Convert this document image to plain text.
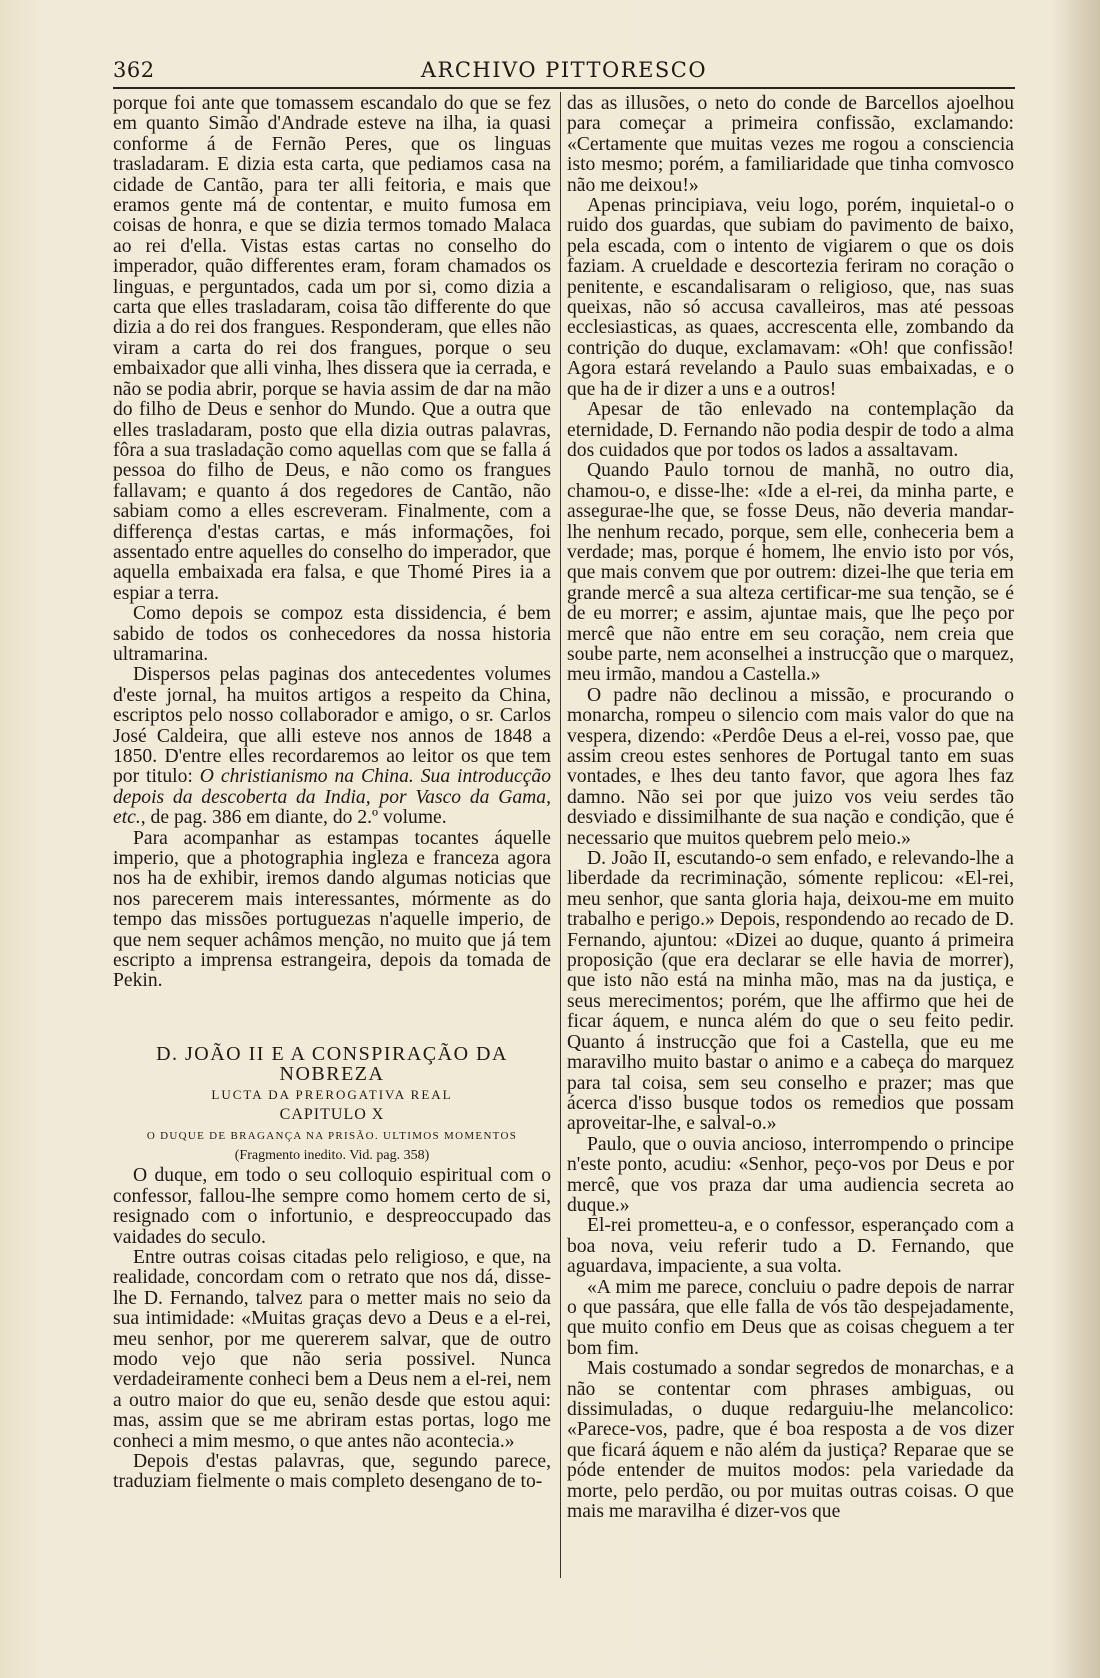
362	ARCHIVO PITTORESCO

porque foi ante que tomassem escandalo do que se fez em quanto Simão d'Andrade esteve na ilha, ia quasi conforme á de Fernão Peres, que os linguas trasladaram. E dizia esta carta, que pediamos casa na cidade de Cantão, para ter alli feitoria, e mais que eramos gente má de contentar, e muito fumosa em coisas de honra, e que se dizia termos tomado Malaca ao rei d'ella. Vistas estas cartas no conselho do imperador, quão differentes eram, foram chamados os linguas, e perguntados, cada um por si, como dizia a carta que elles trasladaram, coisa tão differente do que dizia a do rei dos frangues. Responderam, que elles não viram a carta do rei dos frangues, porque o seu embaixador que alli vinha, lhes dissera que ia cerrada, e não se podia abrir, porque se havia assim de dar na mão do filho de Deus e senhor do Mundo. Que a outra que elles trasladaram, posto que ella dizia outras palavras, fôra a sua trasladação como aquellas com que se falla á pessoa do filho de Deus, e não como os frangues fallavam; e quanto á dos regedores de Cantão, não sabiam como a elles escreveram. Finalmente, com a differença d'estas cartas, e más informações, foi assentado entre aquelles do conselho do imperador, que aquella embaixada era falsa, e que Thomé Pires ia a espiar a terra.

Como depois se compoz esta dissidencia, é bem sabido de todos os conhecedores da nossa historia ultramarina.

Dispersos pelas paginas dos antecedentes volumes d'este jornal, ha muitos artigos a respeito da China, escriptos pelo nosso collaborador e amigo, o sr. Carlos José Caldeira, que alli esteve nos annos de 1848 a 1850. D'entre elles recordaremos ao leitor os que tem por titulo: O christianismo na China. Sua introducção depois da descoberta da India, por Vasco da Gama, etc., de pag. 386 em diante, do 2.º volume.

Para acompanhar as estampas tocantes áquelle imperio, que a photographia ingleza e franceza agora nos ha de exhibir, iremos dando algumas noticias que nos parecerem mais interessantes, mórmente as do tempo das missões portuguezas n'aquelle imperio, de que nem sequer achâmos menção, no muito que já tem escripto a imprensa estrangeira, depois da tomada de Pekin.

D. JOÃO II E A CONSPIRAÇÃO DA NOBREZA

LUCTA DA PREROGATIVA REAL

CAPITULO X

O DUQUE DE BRAGANÇA NA PRISÃO. ULTIMOS MOMENTOS

(Fragmento inedito. Vid. pag. 358)

O duque, em todo o seu colloquio espiritual com o confessor, fallou-lhe sempre como homem certo de si, resignado com o infortunio, e despreoccupado das vaidades do seculo.

Entre outras coisas citadas pelo religioso, e que, na realidade, concordam com o retrato que nos dá, disse-lhe D. Fernando, talvez para o metter mais no seio da sua intimidade: «Muitas graças devo a Deus e a el-rei, meu senhor, por me quererem salvar, que de outro modo vejo que não seria possivel. Nunca verdadeiramente conheci bem a Deus nem a el-rei, nem a outro maior do que eu, senão desde que estou aqui: mas, assim que se me abriram estas portas, logo me conheci a mim mesmo, o que antes não acontecia.»

Depois d'estas palavras, que, segundo parece, traduziam fielmente o mais completo desengano de to-

das as illusões, o neto do conde de Barcellos ajoelhou para começar a primeira confissão, exclamando: «Certamente que muitas vezes me rogou a consciencia isto mesmo; porém, a familiaridade que tinha comvosco não me deixou!»

Apenas principiava, veiu logo, porém, inquietal-o o ruido dos guardas, que subiam do pavimento de baixo, pela escada, com o intento de vigiarem o que os dois faziam. A crueldade e descortezia feriram no coração o penitente, e escandalisaram o religioso, que, nas suas queixas, não só accusa cavalleiros, mas até pessoas ecclesiasticas, as quaes, accrescenta elle, zombando da contrição do duque, exclamavam: «Oh! que confissão! Agora estará revelando a Paulo suas embaixadas, e o que ha de ir dizer a uns e a outros!

Apesar de tão enlevado na contemplação da eternidade, D. Fernando não podia despir de todo a alma dos cuidados que por todos os lados a assaltavam.

Quando Paulo tornou de manhã, no outro dia, chamou-o, e disse-lhe: «Ide a el-rei, da minha parte, e assegurae-lhe que, se fosse Deus, não deveria mandar-lhe nenhum recado, porque, sem elle, conheceria bem a verdade; mas, porque é homem, lhe envio isto por vós, que mais convem que por outrem: dizei-lhe que teria em grande mercê a sua alteza certificar-me sua tenção, se é de eu morrer; e assim, ajuntae mais, que lhe peço por mercê que não entre em seu coração, nem creia que soube parte, nem aconselhei a instrucção que o marquez, meu irmão, mandou a Castella.»

O padre não declinou a missão, e procurando o monarcha, rompeu o silencio com mais valor do que na vespera, dizendo: «Perdôe Deus a el-rei, vosso pae, que assim creou estes senhores de Portugal tanto em suas vontades, e lhes deu tanto favor, que agora lhes faz damno. Não sei por que juizo vos veiu serdes tão desviado e dissimilhante de sua nação e condição, que é necessario que muitos quebrem pelo meio.»

D. João II, escutando-o sem enfado, e relevando-lhe a liberdade da recriminação, sómente replicou: «El-rei, meu senhor, que santa gloria haja, deixou-me em muito trabalho e perigo.» Depois, respondendo ao recado de D. Fernando, ajuntou: «Dizei ao duque, quanto á primeira proposição (que era declarar se elle havia de morrer), que isto não está na minha mão, mas na da justiça, e seus merecimentos; porém, que lhe affirmo que hei de ficar áquem, e nunca além do que o seu feito pedir. Quanto á instrucção que foi a Castella, que eu me maravilho muito bastar o animo e a cabeça do marquez para tal coisa, sem seu conselho e prazer; mas que ácerca d'isso busque todos os remedios que possam aproveitar-lhe, e salval-o.»

Paulo, que o ouvia ancioso, interrompendo o principe n'este ponto, acudiu: «Senhor, peço-vos por Deus e por mercê, que vos praza dar uma audiencia secreta ao duque.»

El-rei prometteu-a, e o confessor, esperançado com a boa nova, veiu referir tudo a D. Fernando, que aguardava, impaciente, a sua volta.

«A mim me parece, concluiu o padre depois de narrar o que passára, que elle falla de vós tão despejadamente, que muito confio em Deus que as coisas cheguem a ter bom fim.

Mais costumado a sondar segredos de monarchas, e a não se contentar com phrases ambiguas, ou dissimuladas, o duque redarguiu-lhe melancolico: «Parece-vos, padre, que é boa resposta a de vos dizer que ficará áquem e não além da justiça? Reparae que se póde entender de muitos modos: pela variedade da morte, pelo perdão, ou por muitas outras coisas. O que mais me maravilha é dizer-vos que
